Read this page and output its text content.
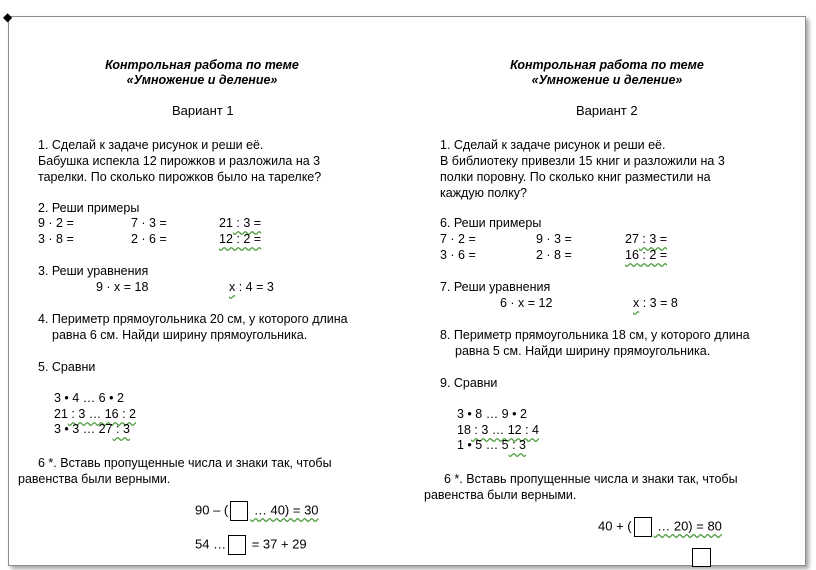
◆
Контрольная работа по теме
«Умножение и деление»
Вариант 1
1. Сделай к задаче рисунок и реши её.
Бабушка испекла 12 пирожков и разложила на 3
тарелки. По сколько пирожков было на тарелке?
2. Реши примеры
9 · 2 =	7 · 3 =	21 : 3 =
3 · 8 =	2 · 6 =	12 : 2 =
3. Реши уравнения
9 · х = 18	х : 4 = 3
4. Периметр прямоугольника 20 см, у которого длина
равна 6 см. Найди ширину прямоугольника.
5. Сравни
3 • 4 … 6 • 2
21 : 3 … 16 : 2
3 • 3 … 27 : 3
6 *. Вставь пропущенные числа и знаки так, чтобы
равенства были верными.
90 – ( … 40) = 30
54 … = 37 + 29
Контрольная работа по теме
«Умножение и деление»
Вариант 2
1. Сделай к задаче рисунок и реши её.
В библиотеку привезли 15 книг и разложили на 3
полки поровну. По сколько книг разместили на
каждую полку?
6. Реши примеры
7 · 2 =	9 · 3 =	27 : 3 =
3 · 6 =	2 · 8 =	16 : 2 =
7. Реши уравнения
6 · х = 12	х : 3 = 8
8. Периметр прямоугольника 18 см, у которого длина
равна 5 см. Найди ширину прямоугольника.
9. Сравни
3 • 8 … 9 • 2
18 : 3 … 12 : 4
1 • 5 … 5 : 3
6 *. Вставь пропущенные числа и знаки так, чтобы
равенства были верными.
40 + ( … 20) = 80
